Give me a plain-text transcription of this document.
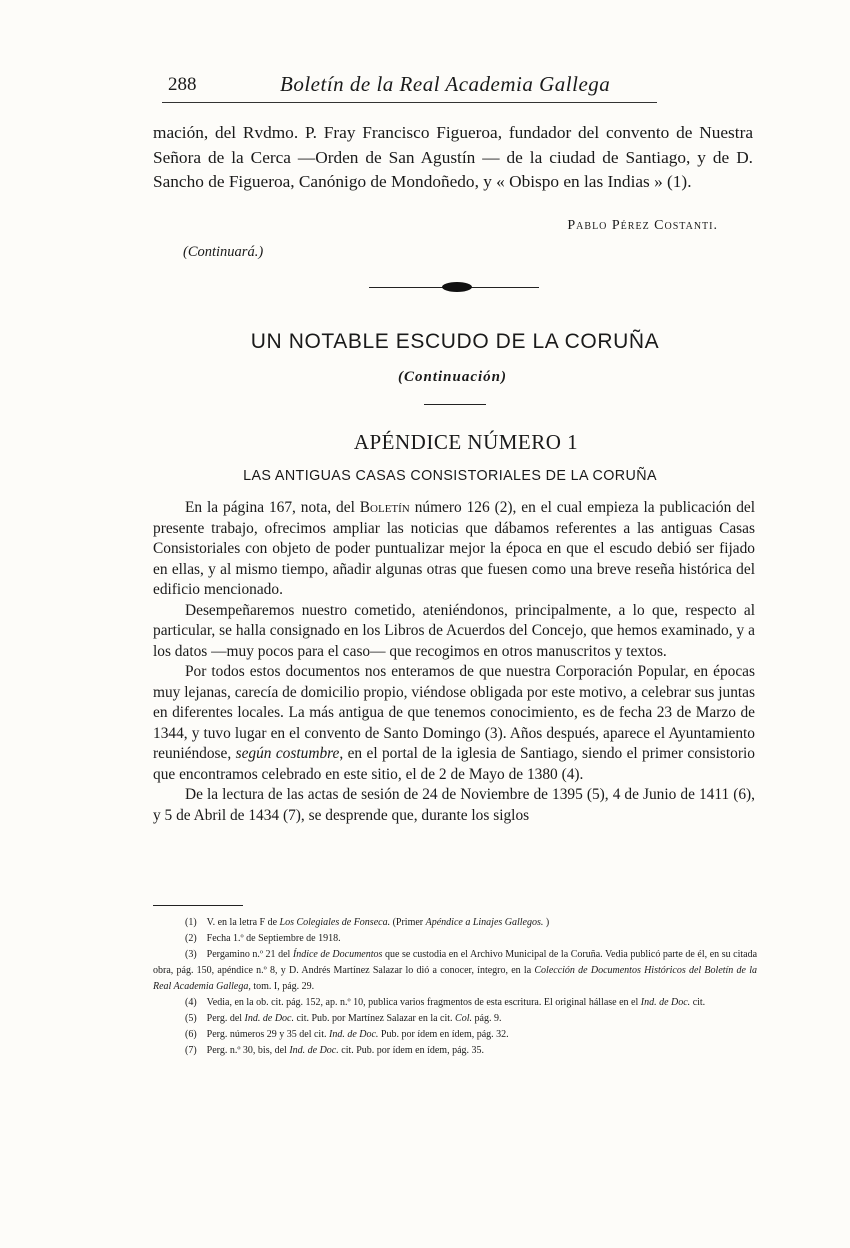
288	Boletín de la Real Academia Gallega
mación, del Rvdmo. P. Fray Francisco Figueroa, fundador del convento de Nuestra Señora de la Cerca —Orden de San Agustín — de la ciudad de Santiago, y de D. Sancho de Figueroa, Canónigo de Mondoñedo, y « Obispo en las Indias » (1).
Pablo Pérez Costanti.
(Continuará.)
UN NOTABLE ESCUDO DE LA CORUÑA
(Continuación)
APÉNDICE NÚMERO 1
LAS ANTIGUAS CASAS CONSISTORIALES DE LA CORUÑA

En la página 167, nota, del Boletín número 126 (2), en el cual empieza la publicación del presente trabajo, ofrecimos ampliar las noticias que dábamos referentes a las antiguas Casas Consistoriales con objeto de poder puntualizar mejor la época en que el escudo debió ser fijado en ellas, y al mismo tiempo, añadir algunas otras que fuesen como una breve reseña histórica del edificio mencionado.

Desempeñaremos nuestro cometido, ateniéndonos, principalmente, a lo que, respecto al particular, se halla consignado en los Libros de Acuerdos del Concejo, que hemos examinado, y a los datos —muy pocos para el caso— que recogimos en otros manuscritos y textos.

Por todos estos documentos nos enteramos de que nuestra Corporación Popular, en épocas muy lejanas, carecía de domicilio propio, viéndose obligada por este motivo, a celebrar sus juntas en diferentes locales. La más antigua de que tenemos conocimiento, es de fecha 23 de Marzo de 1344, y tuvo lugar en el convento de Santo Domingo (3). Años después, aparece el Ayuntamiento reuniéndose, según costumbre, en el portal de la iglesia de Santiago, siendo el primer consistorio que encontramos celebrado en este sitio, el de 2 de Mayo de 1380 (4).

De la lectura de las actas de sesión de 24 de Noviembre de 1395 (5), 4 de Junio de 1411 (6), y 5 de Abril de 1434 (7), se desprende que, durante los siglos

(1)  V. en la letra F de Los Colegiales de Fonseca. (Primer Apéndice a Linajes Gallegos. )

(2)  Fecha 1.º de Septiembre de 1918.

(3)  Pergamino n.º 21 del Índice de Documentos que se custodia en el Archivo Municipal de la Coruña. Vedia publicó parte de él, en su citada obra, pág. 150, apéndice n.º 8, y D. Andrés Martínez Salazar lo dió a conocer, íntegro, en la Colección de Documentos Históricos del Boletín de la Real Academia Gallega, tom. I, pág. 29.

(4)  Vedia, en la ob. cit. pág. 152, ap. n.º 10, publica varios fragmentos de esta escritura. El original hállase en el Ind. de Doc. cit.

(5)  Perg. del Ind. de Doc. cit. Pub. por Martínez Salazar en la cit. Col. pág. 9.

(6)  Perg. números 29 y 35 del cit. Ind. de Doc. Pub. por ídem en ídem, pág. 32.

(7)  Perg. n.º 30, bis, del Ind. de Doc. cit. Pub. por ídem en ídem, pág. 35.
